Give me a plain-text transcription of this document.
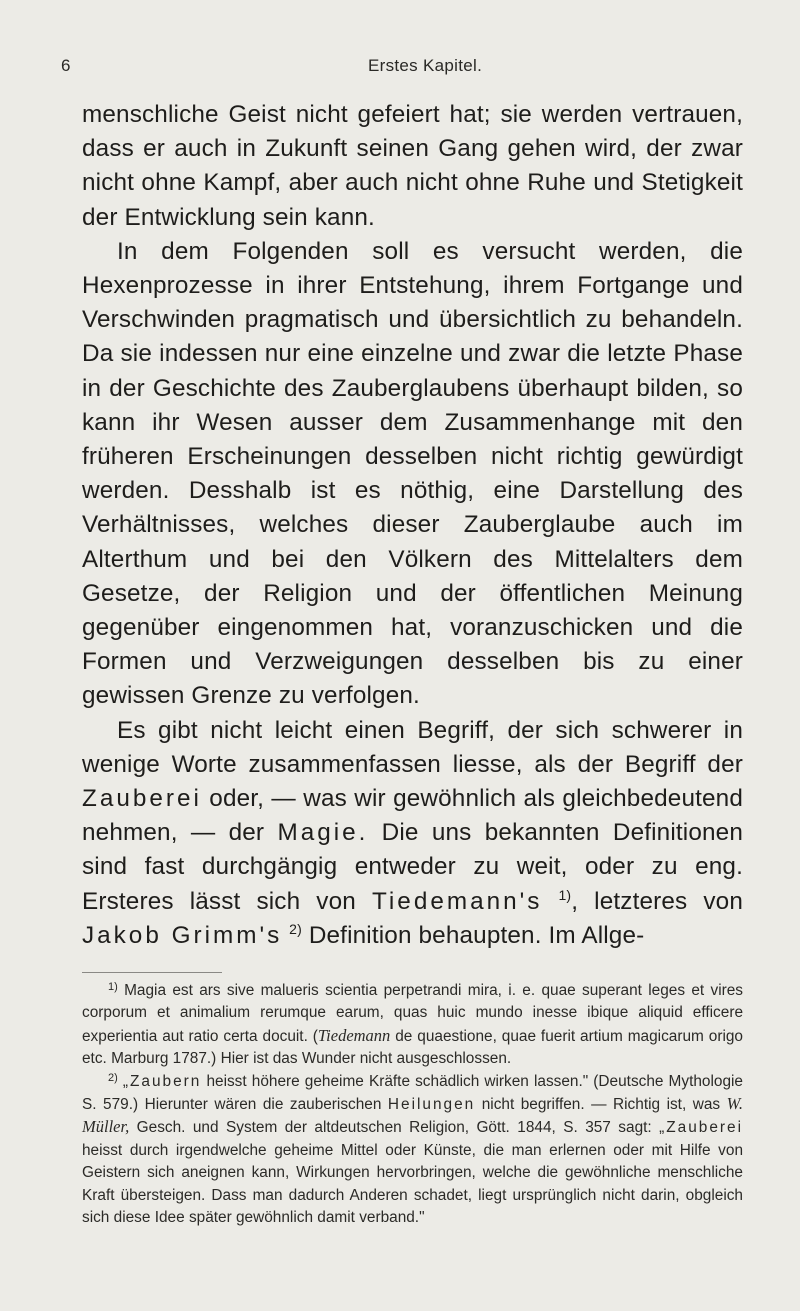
6	Erstes Kapitel.

menschliche Geist nicht gefeiert hat; sie werden vertrauen, dass er auch in Zukunft seinen Gang gehen wird, der zwar nicht ohne Kampf, aber auch nicht ohne Ruhe und Stetigkeit der Entwicklung sein kann.

In dem Folgenden soll es versucht werden, die Hexenprozesse in ihrer Entstehung, ihrem Fortgange und Verschwinden pragmatisch und übersichtlich zu behandeln. Da sie indessen nur eine einzelne und zwar die letzte Phase in der Geschichte des Zauberglaubens überhaupt bilden, so kann ihr Wesen ausser dem Zusammenhange mit den früheren Erscheinungen desselben nicht richtig gewürdigt werden. Desshalb ist es nöthig, eine Darstellung des Verhältnisses, welches dieser Zauberglaube auch im Alterthum und bei den Völkern des Mittelalters dem Gesetze, der Religion und der öffentlichen Meinung gegenüber eingenommen hat, voranzuschicken und die Formen und Verzweigungen desselben bis zu einer gewissen Grenze zu verfolgen.

Es gibt nicht leicht einen Begriff, der sich schwerer in wenige Worte zusammenfassen liesse, als der Begriff der Zauberei oder, — was wir gewöhnlich als gleichbedeutend nehmen, — der Magie. Die uns bekannten Definitionen sind fast durchgängig entweder zu weit, oder zu eng. Ersteres lässt sich von Tiedemann's $^{1)}$, letzteres von Jakob Grimm's $^{2)}$ Definition behaupten. Im Allge-

$^{1)}$ Magia est ars sive malueris scientia perpetrandi mira, i. e. quae superant leges et vires corporum et animalium rerumque earum, quas huic mundo inesse ibique aliquid efficere experientia aut ratio certa docuit. (Tiedemann de quaestione, quae fuerit artium magicarum origo etc. Marburg 1787.) Hier ist das Wunder nicht ausgeschlossen.

$^{2)}$ „Zaubern heisst höhere geheime Kräfte schädlich wirken lassen." (Deutsche Mythologie S. 579.) Hierunter wären die zauberischen Heilungen nicht begriffen. — Richtig ist, was W. Müller, Gesch. und System der altdeutschen Religion, Gött. 1844, S. 357 sagt: „Zauberei heisst durch irgendwelche geheime Mittel oder Künste, die man erlernen oder mit Hilfe von Geistern sich aneignen kann, Wirkungen hervorbringen, welche die gewöhnliche menschliche Kraft übersteigen. Dass man dadurch Anderen schadet, liegt ursprünglich nicht darin, obgleich sich diese Idee später gewöhnlich damit verband."
